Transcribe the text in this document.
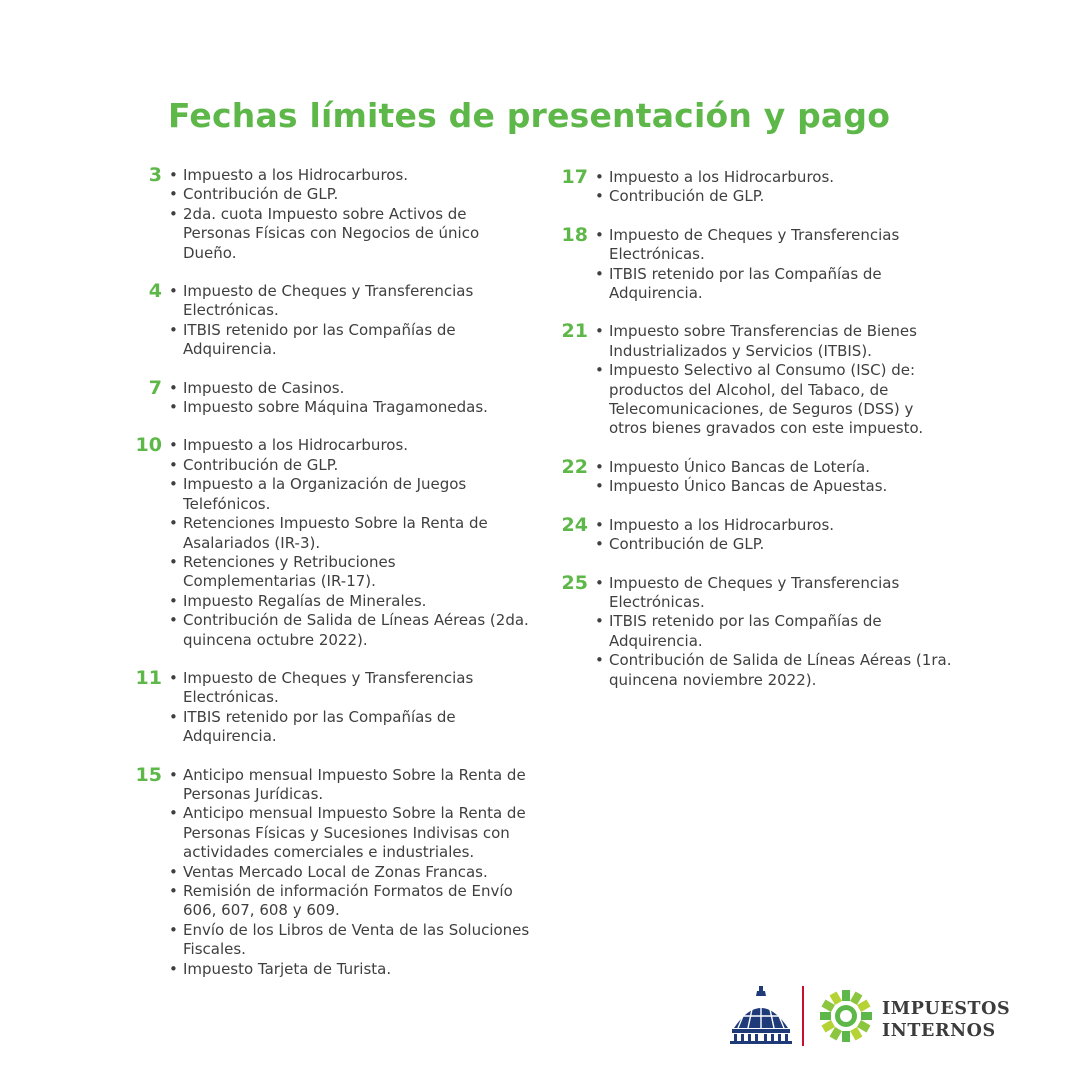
Fechas límites de presentación y pago
3	• Impuesto a los Hidrocarburos.
• Contribución de GLP.
• 2da. cuota Impuesto sobre Activos de Personas Físicas con Negocios de único Dueño.
4	• Impuesto de Cheques y Transferencias Electrónicas.
• ITBIS retenido por las Compañías de Adquirencia.
7	• Impuesto de Casinos.
• Impuesto sobre Máquina Tragamonedas.
10	• Impuesto a los Hidrocarburos.
• Contribución de GLP.
• Impuesto a la Organización de Juegos Telefónicos.
• Retenciones Impuesto Sobre la Renta de Asalariados (IR-3).
• Retenciones y Retribuciones Complementarias (IR-17).
• Impuesto Regalías de Minerales.
• Contribución de Salida de Líneas Aéreas (2da. quincena octubre 2022).
11	• Impuesto de Cheques y Transferencias Electrónicas.
• ITBIS retenido por las Compañías de Adquirencia.
15	• Anticipo mensual Impuesto Sobre la Renta de Personas Jurídicas.
• Anticipo mensual Impuesto Sobre la Renta de Personas Físicas y Sucesiones Indivisas con actividades comerciales e industriales.
• Ventas Mercado Local de Zonas Francas.
• Remisión de información Formatos de Envío 606, 607, 608 y 609.
• Envío de los Libros de Venta de las Soluciones Fiscales.
• Impuesto Tarjeta de Turista.
17	• Impuesto a los Hidrocarburos.
• Contribución de GLP.
18	• Impuesto de Cheques y Transferencias Electrónicas.
• ITBIS retenido por las Compañías de Adquirencia.
21	• Impuesto sobre Transferencias de Bienes Industrializados y Servicios (ITBIS).
• Impuesto Selectivo al Consumo (ISC) de: productos del Alcohol, del Tabaco, de Telecomunicaciones, de Seguros (DSS) y otros bienes gravados con este impuesto.
22	• Impuesto Único Bancas de Lotería.
• Impuesto Único Bancas de Apuestas.
24	• Impuesto a los Hidrocarburos.
• Contribución de GLP.
25	• Impuesto de Cheques y Transferencias Electrónicas.
• ITBIS retenido por las Compañías de Adquirencia.
• Contribución de Salida de Líneas Aéreas (1ra. quincena noviembre 2022).
IMPUESTOS
INTERNOS
